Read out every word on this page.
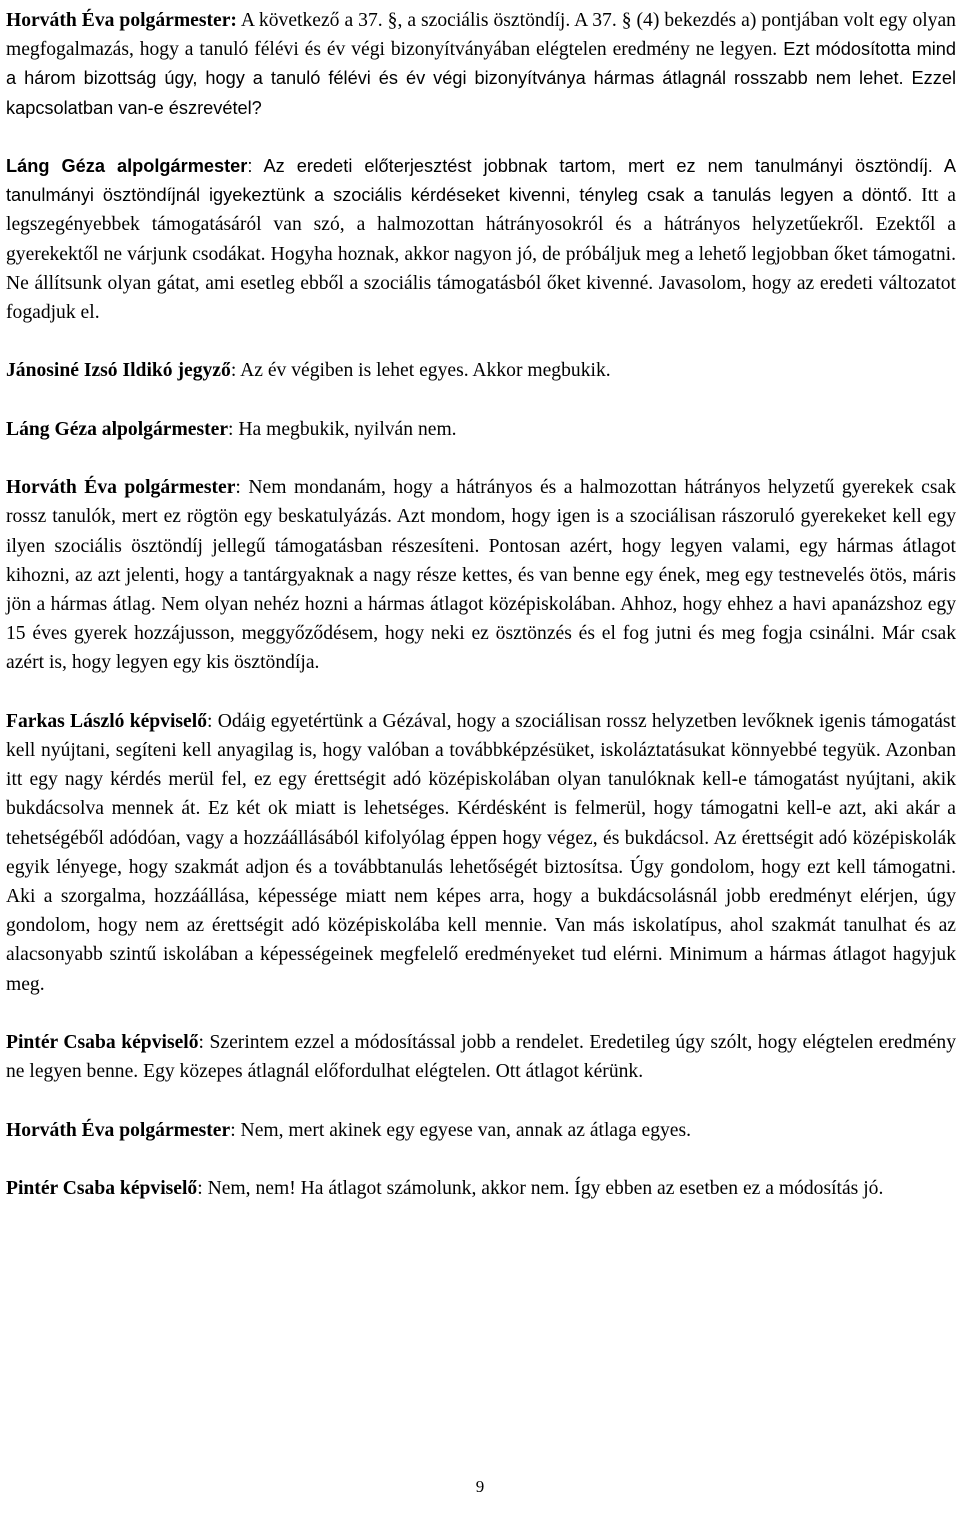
Horváth Éva polgármester: A következő a 37. §, a szociális ösztöndíj. A 37. § (4) bekezdés a) pontjában volt egy olyan megfogalmazás, hogy a tanuló félévi és év végi bizonyítványában elégtelen eredmény ne legyen. Ezt módosította mind a három bizottság úgy, hogy a tanuló félévi és év végi bizonyítványa hármas átlagnál rosszabb nem lehet. Ezzel kapcsolatban van-e észrevétel?

Láng Géza alpolgármester: Az eredeti előterjesztést jobbnak tartom, mert ez nem tanulmányi ösztöndíj. A tanulmányi ösztöndíjnál igyekeztünk a szociális kérdéseket kivenni, tényleg csak a tanulás legyen a döntő. Itt a legszegényebbek támogatásáról van szó, a halmozottan hátrányosokról és a hátrányos helyzetűekről. Ezektől a gyerekektől ne várjunk csodákat. Hogyha hoznak, akkor nagyon jó, de próbáljuk meg a lehető legjobban őket támogatni. Ne állítsunk olyan gátat, ami esetleg ebből a szociális támogatásból őket kivenné. Javasolom, hogy az eredeti változatot fogadjuk el.

Jánosiné Izsó Ildikó jegyző: Az év végiben is lehet egyes. Akkor megbukik.

Láng Géza alpolgármester: Ha megbukik, nyilván nem.

Horváth Éva polgármester: Nem mondanám, hogy a hátrányos és a halmozottan hátrányos helyzetű gyerekek csak rossz tanulók, mert ez rögtön egy beskatulyázás. Azt mondom, hogy igen is a szociálisan rászoruló gyerekeket kell egy ilyen szociális ösztöndíj jellegű támogatásban részesíteni. Pontosan azért, hogy legyen valami, egy hármas átlagot kihozni, az azt jelenti, hogy a tantárgyaknak a nagy része kettes, és van benne egy ének, meg egy testnevelés ötös, máris jön a hármas átlag. Nem olyan nehéz hozni a hármas átlagot középiskolában. Ahhoz, hogy ehhez a havi apanázshoz egy 15 éves gyerek hozzájusson, meggyőződésem, hogy neki ez ösztönzés és el fog jutni és meg fogja csinálni. Már csak azért is, hogy legyen egy kis ösztöndíja.

Farkas László képviselő: Odáig egyetértünk a Gézával, hogy a szociálisan rossz helyzetben levőknek igenis támogatást kell nyújtani, segíteni kell anyagilag is, hogy valóban a továbbképzésüket, iskoláztatásukat könnyebbé tegyük. Azonban itt egy nagy kérdés merül fel, ez egy érettségit adó középiskolában olyan tanulóknak kell-e támogatást nyújtani, akik bukdácsolva mennek át. Ez két ok miatt is lehetséges. Kérdésként is felmerül, hogy támogatni kell-e azt, aki akár a tehetségéből adódóan, vagy a hozzáállásából kifolyólag éppen hogy végez, és bukdácsol. Az érettségit adó középiskolák egyik lényege, hogy szakmát adjon és a továbbtanulás lehetőségét biztosítsa. Úgy gondolom, hogy ezt kell támogatni. Aki a szorgalma, hozzáállása, képessége miatt nem képes arra, hogy a bukdácsolásnál jobb eredményt elérjen, úgy gondolom, hogy nem az érettségit adó középiskolába kell mennie. Van más iskolatípus, ahol szakmát tanulhat és az alacsonyabb szintű iskolában a képességeinek megfelelő eredményeket tud elérni. Minimum a hármas átlagot hagyjuk meg.

Pintér Csaba képviselő: Szerintem ezzel a módosítással jobb a rendelet. Eredetileg úgy szólt, hogy elégtelen eredmény ne legyen benne. Egy közepes átlagnál előfordulhat elégtelen. Ott átlagot kérünk.

Horváth Éva polgármester: Nem, mert akinek egy egyese van, annak az átlaga egyes.

Pintér Csaba képviselő: Nem, nem! Ha átlagot számolunk, akkor nem. Így ebben az esetben ez a módosítás jó.

9
